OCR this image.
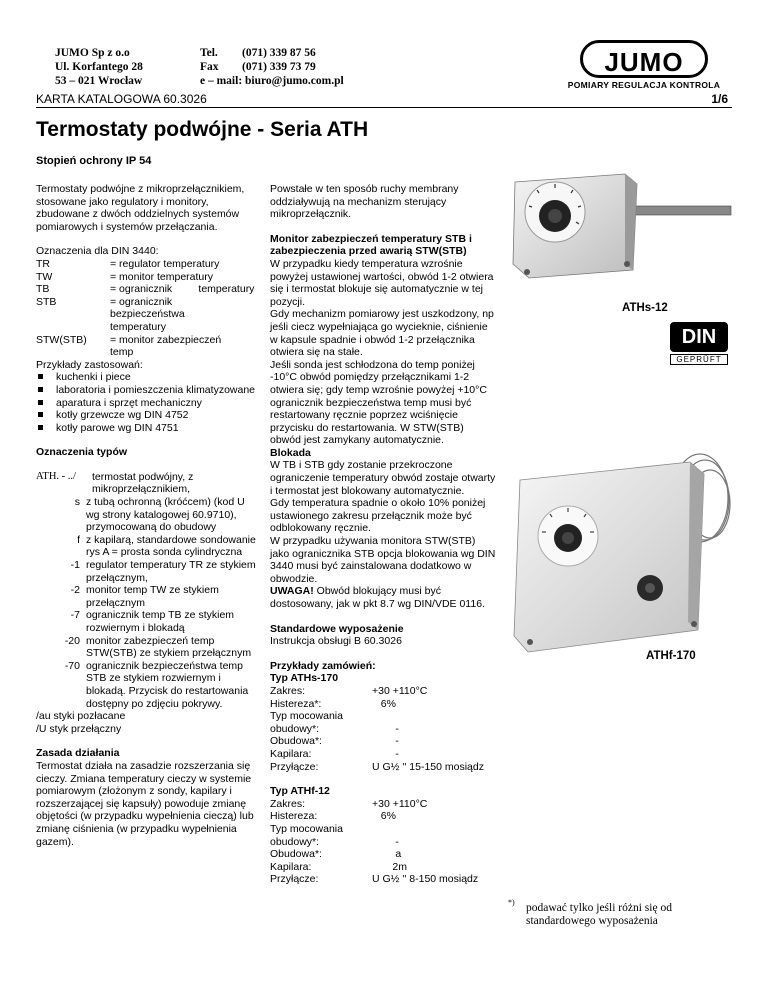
JUMO Sp z o.o
Ul. Korfantego 28
53 – 021 Wrocław
Tel. (071) 339 87 56
Fax (071) 339 73 79
e – mail: biuro@jumo.com.pl
JUMO
POMIARY REGULACJA KONTROLA
KARTA KATALOGOWA 60.3026	1/6
Termostaty podwójne - Seria ATH
Stopień ochrony IP 54

Termostaty podwójne z mikroprzełącznikiem, stosowane jako regulatory i monitory, zbudowane z dwóch oddzielnych systemów pomiarowych i systemów przełączania.

Oznaczenia dla DIN 3440:

TR	= regulator temperatury
TW	= monitor temperatury
TB	= ogranicznik         temperatury
STB	= ogranicznik         bezpieczeństwa         temperatury
STW(STB)	= monitor zabezpieczeń         temp

Przykłady zastosowań:

kuchenki i piece
laboratoria i pomieszczenia klimatyzowane
aparatura i sprzęt mechaniczny
kotły grzewcze wg DIN 4752
kotły parowe wg DIN 4751

Oznaczenia typów

ATH. - ../	termostat podwójny, z mikroprzełącznikiem,
s z tubą ochronną (króćcem) (kod U wg strony katalogowej 60.9710), przymocowaną do obudowy
f z kapilarą, standardowe sondowanie rys A = prosta sonda cylindryczna
-1 regulator temperatury TR ze stykiem przełącznym,
-2 monitor temp TW ze stykiem przełącznym
-7 ogranicznik temp TB ze stykiem rozwiernym i blokadą
-20 monitor zabezpieczeń temp STW(STB) ze stykiem przełącznym
-70 ogranicznik bezpieczeństwa temp STB ze stykiem rozwiernym i blokadą. Przycisk do restartowania dostępny po zdjęciu pokrywy.
/au styki pozłacane
/U styk przełączny

Zasada działania

Termostat działa na zasadzie rozszerzania się cieczy. Zmiana temperatury cieczy w systemie pomiarowym (złożonym z sondy, kapilary i rozszerzającej się kapsuły) powoduje zmianę objętości (w przypadku wypełnienia cieczą) lub zmianę ciśnienia (w przypadku wypełnienia gazem).

Powstałe w ten sposób ruchy membrany oddziaływują na mechanizm sterujący mikroprzełącznik.

Monitor zabezpieczeń temperatury STB i zabezpieczenia przed awarią STW(STB)

W przypadku kiedy temperatura wzrośnie powyżej ustawionej wartości, obwód 1-2 otwiera się i termostat blokuje się automatycznie w tej pozycji.
Gdy mechanizm pomiarowy jest uszkodzony, np jeśli ciecz wypełniająca go wycieknie, ciśnienie w kapsule spadnie i obwód 1-2 przełącznika otwiera się na stałe.
Jeśli sonda jest schłodzona do temp poniżej -10°C obwód pomiędzy przełącznikami 1-2 otwiera się; gdy temp wzrośnie powyżej +10°C ogranicznik bezpieczeństwa temp musi być restartowany ręcznie poprzez wciśnięcie przycisku do restartowania. W STW(STB) obwód jest zamykany automatycznie.

Blokada

W TB i STB gdy zostanie przekroczone ograniczenie temperatury obwód zostaje otwarty i termostat jest blokowany automatycznie.
Gdy temperatura spadnie o około 10% poniżej ustawionego zakresu przełącznik może być odblokowany ręcznie.
W przypadku używania monitora STW(STB) jako ogranicznika STB opcja blokowania wg DIN 3440 musi być zainstalowana dodatkowo w obwodzie.

UWAGA! Obwód blokujący musi być dostosowany, jak w pkt 8.7 wg DIN/VDE 0116.

Standardowe wyposażenie

Instrukcja obsługi B 60.3026

Przykłady zamówień:

Typ ATHs-170

Zakres:	+30 +110°C
Histereza*:	6%
Typ mocowania
obudowy*:	-
Obudowa*:	-
Kapilara:	-
Przyłącze:	U G½ '' 15-150 mosiądz

Typ ATHf-12

Zakres:	+30 +110°C
Histereza:	6%
Typ mocowania
obudowy*:	-
Obudowa*:	a
Kapilara:	2m
Przyłącze:	U G½ '' 8-150 mosiądz
ATHs-12
DIN
GEPRÜFT
ATHf-170
*) podawać tylko jeśli różni się od standardowego wyposażenia
